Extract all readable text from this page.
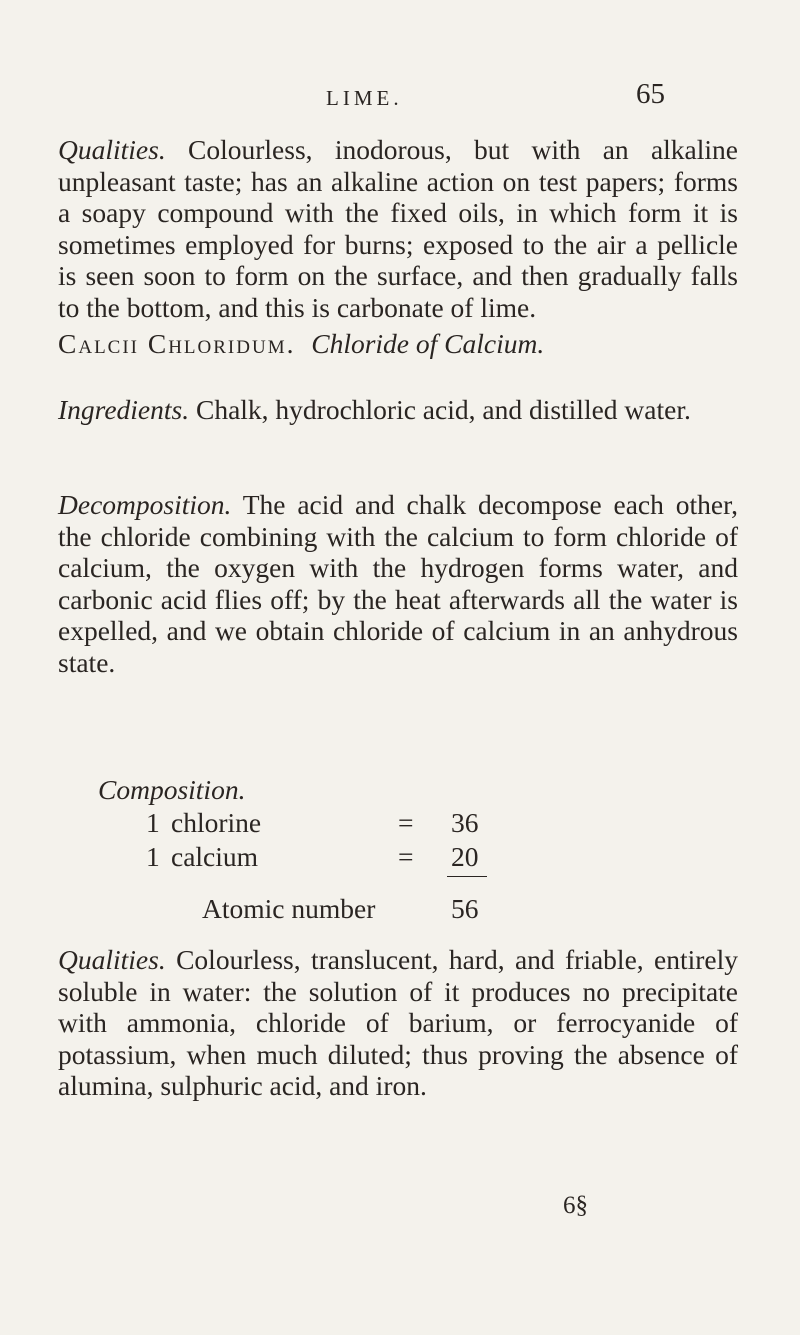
LIME.	65

Qualities. Colourless, inodorous, but with an alkaline unpleasant taste; has an alkaline action on test papers; forms a soapy compound with the fixed oils, in which form it is sometimes employed for burns; exposed to the air a pellicle is seen soon to form on the surface, and then gradually falls to the bottom, and this is carbonate of lime.

Calcii Chloridum. Chloride of Calcium.

Ingredients. Chalk, hydrochloric acid, and distilled water.

Decomposition. The acid and chalk decompose each other, the chloride combining with the calcium to form chloride of calcium, the oxygen with the hydrogen forms water, and carbonic acid flies off; by the heat afterwards all the water is expelled, and we obtain chloride of calcium in an anhydrous state.

Composition.
1 chlorine	= 36
1 calcium	= 20
Atomic number	56

Qualities. Colourless, translucent, hard, and friable, entirely soluble in water: the solution of it produces no precipitate with ammonia, chloride of barium, or ferrocyanide of potassium, when much diluted; thus proving the absence of alumina, sulphuric acid, and iron.

6§
